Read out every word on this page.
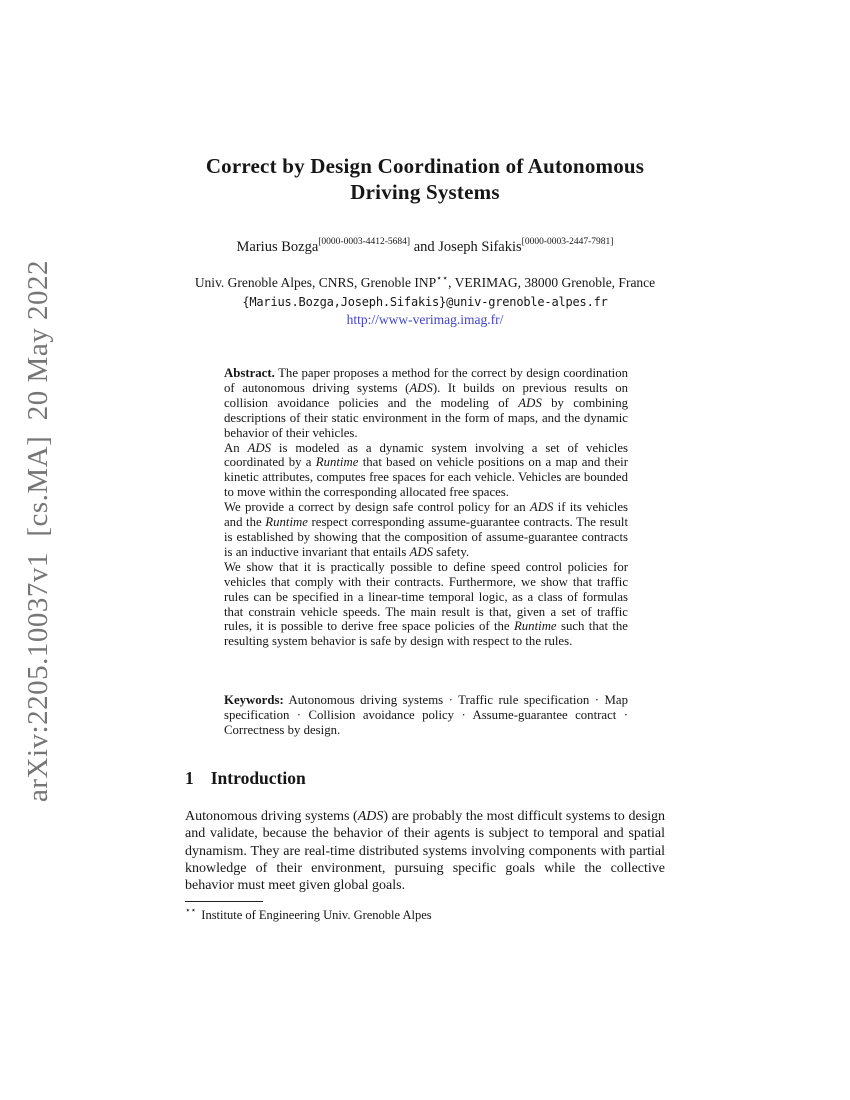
arXiv:2205.10037v1  [cs.MA]  20 May 2022
Correct by Design Coordination of Autonomous
Driving Systems
Marius Bozga[0000-0003-4412-5684] and Joseph Sifakis[0000-0003-2447-7981]
Univ. Grenoble Alpes, CNRS, Grenoble INP⋆⋆, VERIMAG, 38000 Grenoble, France
{Marius.Bozga,Joseph.Sifakis}@univ-grenoble-alpes.fr
http://www-verimag.imag.fr/

Abstract. The paper proposes a method for the correct by design coordination of autonomous driving systems (ADS). It builds on previous results on collision avoidance policies and the modeling of ADS by combining descriptions of their static environment in the form of maps, and the dynamic behavior of their vehicles.

An ADS is modeled as a dynamic system involving a set of vehicles coordinated by a Runtime that based on vehicle positions on a map and their kinetic attributes, computes free spaces for each vehicle. Vehicles are bounded to move within the corresponding allocated free spaces.

We provide a correct by design safe control policy for an ADS if its vehicles and the Runtime respect corresponding assume-guarantee contracts. The result is established by showing that the composition of assume-guarantee contracts is an inductive invariant that entails ADS safety.

We show that it is practically possible to define speed control policies for vehicles that comply with their contracts. Furthermore, we show that traffic rules can be specified in a linear-time temporal logic, as a class of formulas that constrain vehicle speeds. The main result is that, given a set of traffic rules, it is possible to derive free space policies of the Runtime such that the resulting system behavior is safe by design with respect to the rules.

Keywords: Autonomous driving systems · Traffic rule specification · Map specification · Collision avoidance policy · Assume-guarantee contract · Correctness by design.
1 Introduction

Autonomous driving systems (ADS) are probably the most difficult systems to design and validate, because the behavior of their agents is subject to temporal and spatial dynamism. They are real-time distributed systems involving components with partial knowledge of their environment, pursuing specific goals while the collective behavior must meet given global goals.

⋆⋆ Institute of Engineering Univ. Grenoble Alpes
